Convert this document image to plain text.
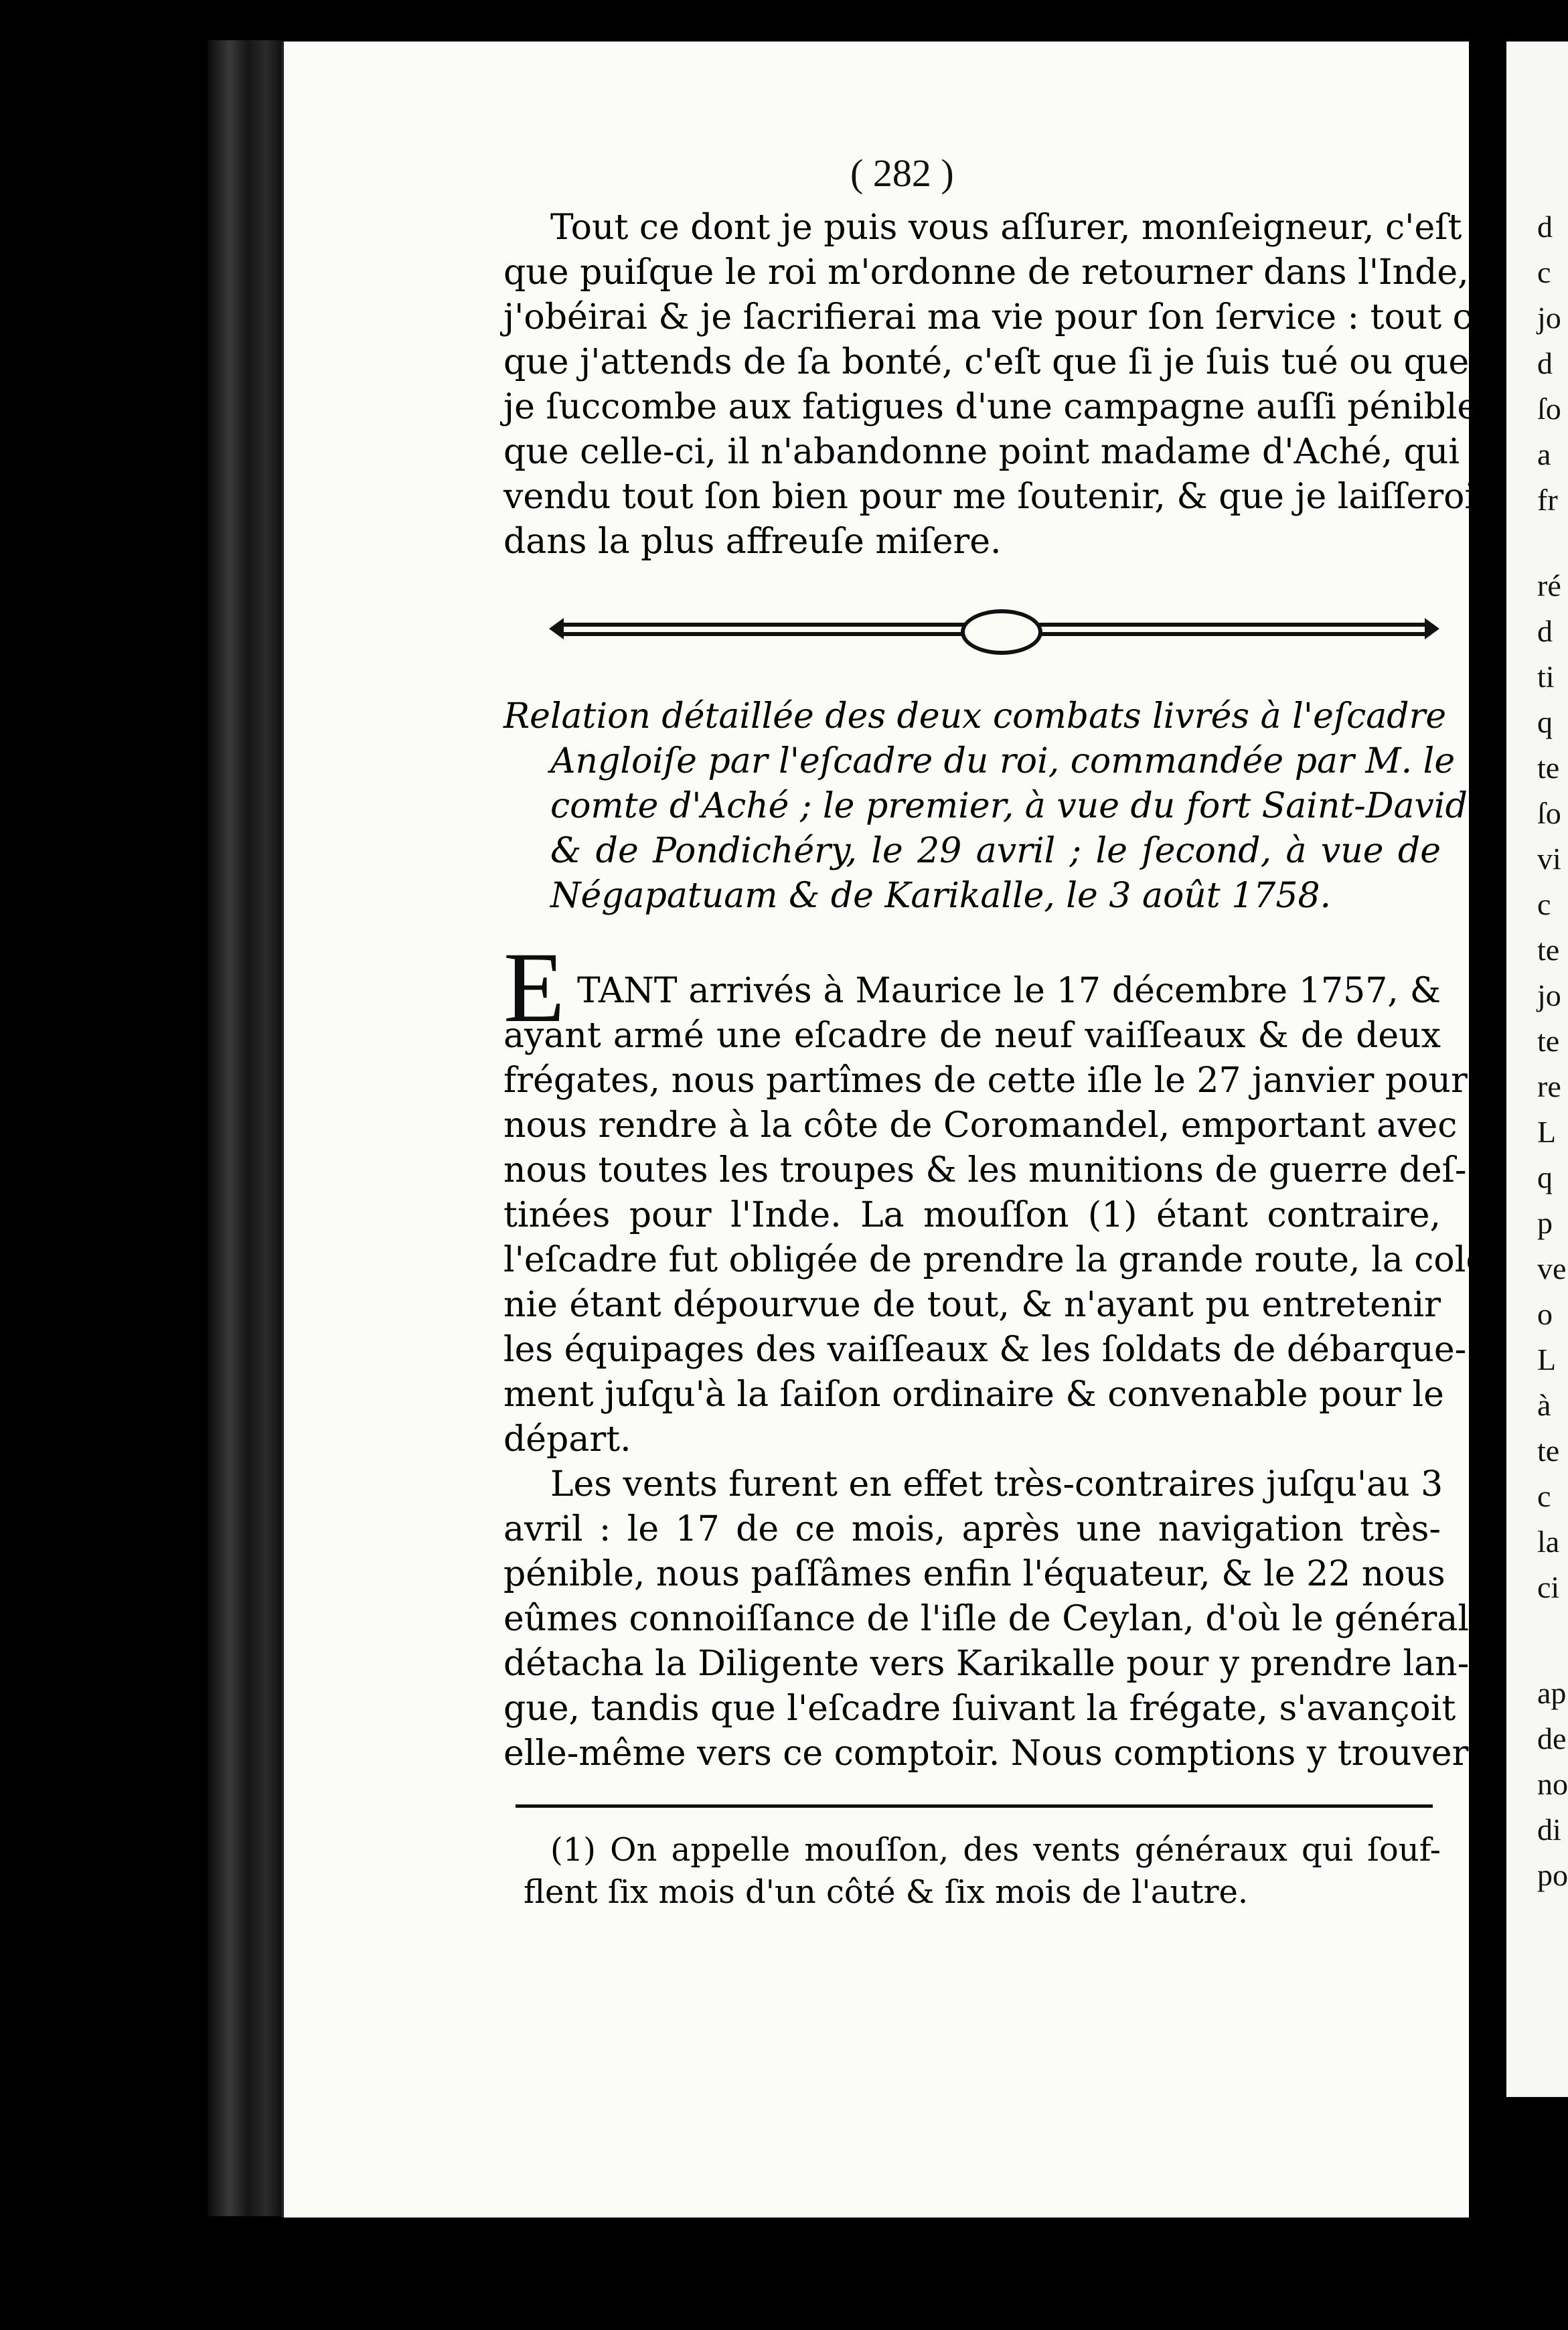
d
c
jo
d
ſo
a
fr
ré
d
ti
q
te
ſo
vi
c
te
jo
te
re
L
q
p
ve
o
L
à
te
c
la
ci
ap
de
no
di
po
( 282 )
Tout ce dont je puis vous aſſurer, monſeigneur, c'eſt
que puiſque le roi m'ordonne de retourner dans l'Inde,
j'obéirai & je ſacrifierai ma vie pour ſon ſervice : tout ce
que j'attends de ſa bonté, c'eſt que ſi je ſuis tué ou que
je ſuccombe aux fatigues d'une campagne auſſi pénible
que celle-ci, il n'abandonne point madame d'Aché, qui a
vendu tout ſon bien pour me ſoutenir, & que je laiſſerois
dans la plus affreuſe miſere.
Relation détaillée des deux combats livrés à l'eſcadre
Angloiſe par l'eſcadre du roi, commandée par M. le
comte d'Aché ; le premier, à vue du fort Saint-David
& de Pondichéry, le 29 avril ; le ſecond, à vue de
Négapatuam & de Karikalle, le 3 août 1758.
E TANT arrivés à Maurice le 17 décembre 1757, &
ayant armé une eſcadre de neuf vaiſſeaux & de deux
frégates, nous partîmes de cette iſle le 27 janvier pour
nous rendre à la côte de Coromandel, emportant avec
nous toutes les troupes & les munitions de guerre deſ-
tinées pour l'Inde. La mouſſon (1) étant contraire,
l'eſcadre fut obligée de prendre la grande route, la colo-
nie étant dépourvue de tout, & n'ayant pu entretenir
les équipages des vaiſſeaux & les ſoldats de débarque-
ment juſqu'à la ſaiſon ordinaire & convenable pour le
départ.
Les vents furent en effet très-contraires juſqu'au 3
avril : le 17 de ce mois, après une navigation très-
pénible, nous paſſâmes enfin l'équateur, & le 22 nous
eûmes connoiſſance de l'iſle de Ceylan, d'où le général
détacha la Diligente vers Karikalle pour y prendre lan-
gue, tandis que l'eſcadre ſuivant la frégate, s'avançoit
elle-même vers ce comptoir. Nous comptions y trouver
(1) On appelle mouſſon, des vents généraux qui ſouf-
flent ſix mois d'un côté & ſix mois de l'autre.
